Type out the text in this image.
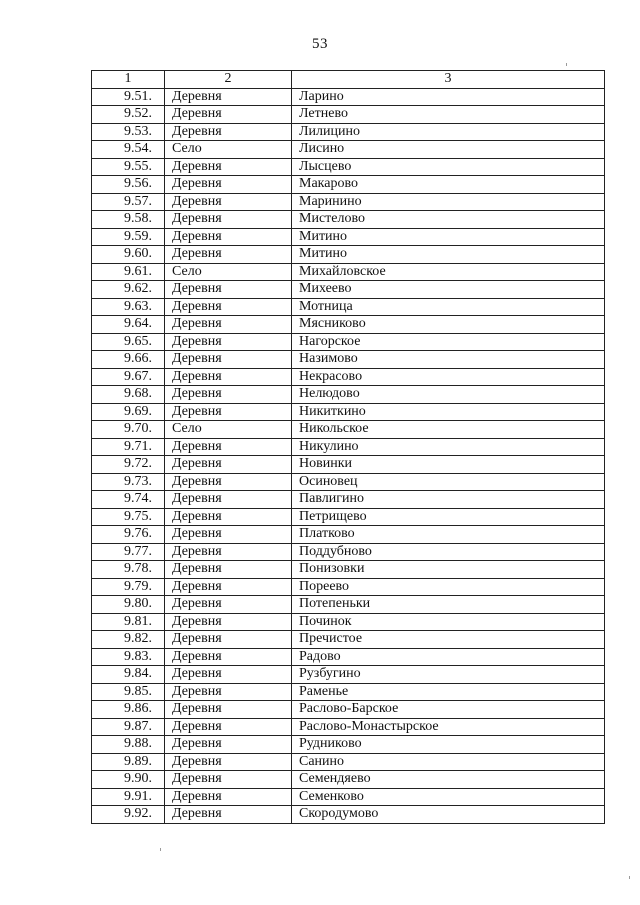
53
1	2	3
9.51.	Деревня	Ларино
9.52.	Деревня	Летнево
9.53.	Деревня	Лилицино
9.54.	Село	Лисино
9.55.	Деревня	Лысцево
9.56.	Деревня	Макарово
9.57.	Деревня	Маринино
9.58.	Деревня	Мистелово
9.59.	Деревня	Митино
9.60.	Деревня	Митино
9.61.	Село	Михайловское
9.62.	Деревня	Михеево
9.63.	Деревня	Мотница
9.64.	Деревня	Мясниково
9.65.	Деревня	Нагорское
9.66.	Деревня	Назимово
9.67.	Деревня	Некрасово
9.68.	Деревня	Нелюдово
9.69.	Деревня	Никиткино
9.70.	Село	Никольское
9.71.	Деревня	Никулино
9.72.	Деревня	Новинки
9.73.	Деревня	Осиновец
9.74.	Деревня	Павлигино
9.75.	Деревня	Петрищево
9.76.	Деревня	Платково
9.77.	Деревня	Поддубново
9.78.	Деревня	Понизовки
9.79.	Деревня	Пореево
9.80.	Деревня	Потепеньки
9.81.	Деревня	Починок
9.82.	Деревня	Пречистое
9.83.	Деревня	Радово
9.84.	Деревня	Рузбугино
9.85.	Деревня	Раменье
9.86.	Деревня	Раслово-Барское
9.87.	Деревня	Раслово-Монастырское
9.88.	Деревня	Рудниково
9.89.	Деревня	Санино
9.90.	Деревня	Семендяево
9.91.	Деревня	Семенково
9.92.	Деревня	Скородумово
